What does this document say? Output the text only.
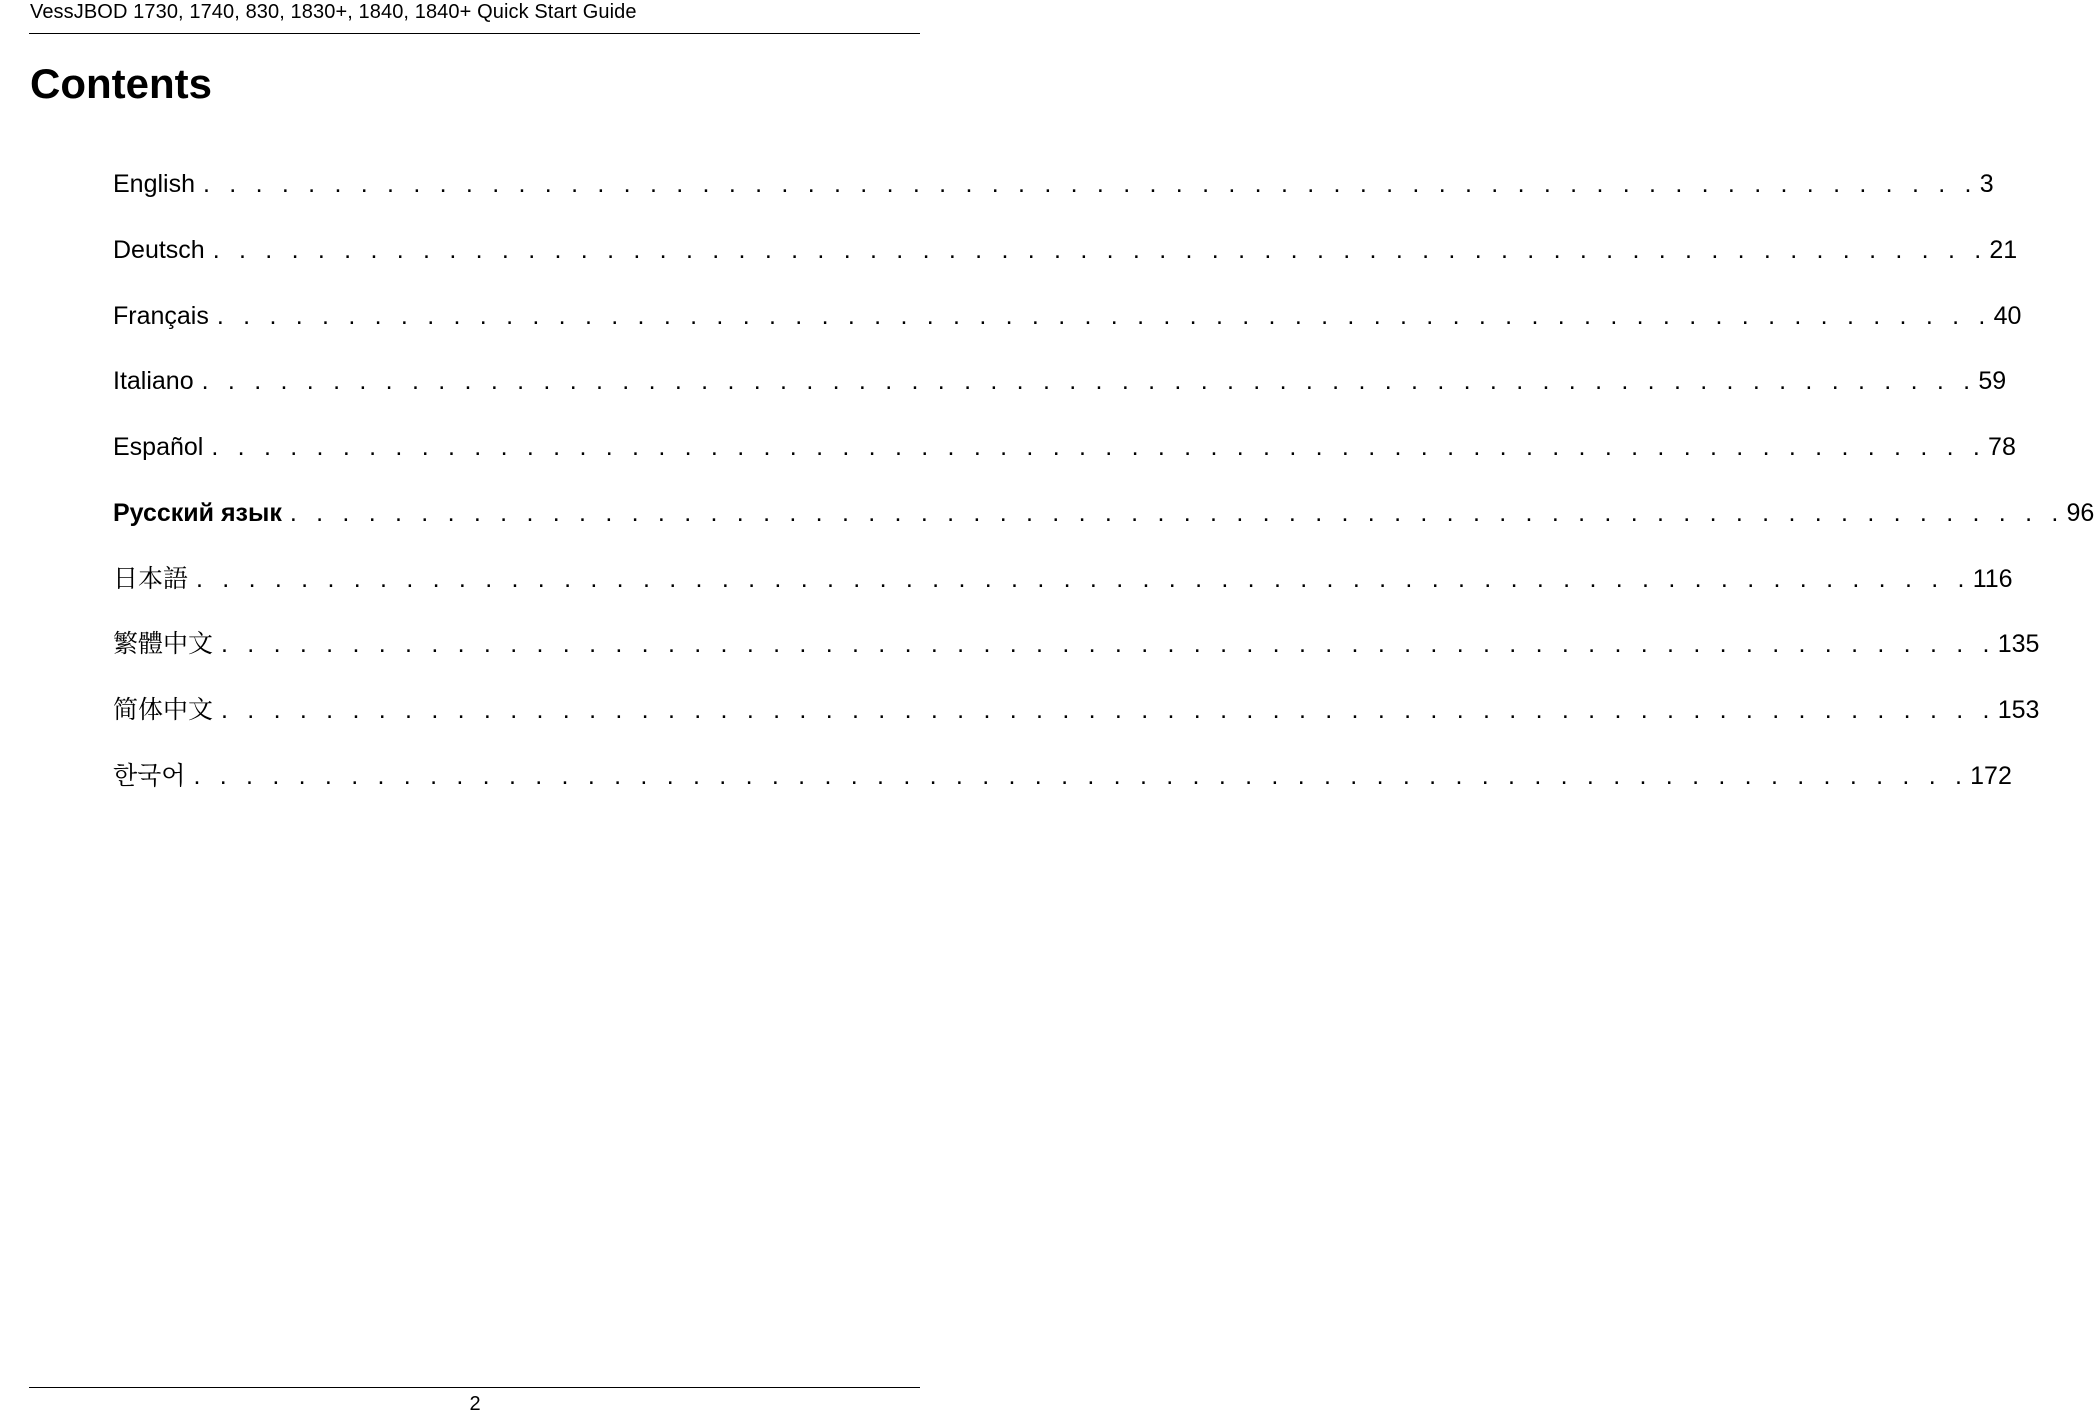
VessJBOD 1730, 1740, 830, 1830+, 1840, 1840+ Quick Start Guide
Contents
English . . . . . . . . . . . . . . . . . . . . . . . . . . . . . . . . . . . . . . . . . . . . . . . . . . . . . . . . . . . . . . . . . . . . 3
Deutsch . . . . . . . . . . . . . . . . . . . . . . . . . . . . . . . . . . . . . . . . . . . . . . . . . . . . . . . . . . . . . . . . . . . . 21
Français . . . . . . . . . . . . . . . . . . . . . . . . . . . . . . . . . . . . . . . . . . . . . . . . . . . . . . . . . . . . . . . . . . . . 40
Italiano . . . . . . . . . . . . . . . . . . . . . . . . . . . . . . . . . . . . . . . . . . . . . . . . . . . . . . . . . . . . . . . . . . . . 59
Español . . . . . . . . . . . . . . . . . . . . . . . . . . . . . . . . . . . . . . . . . . . . . . . . . . . . . . . . . . . . . . . . . . . . 78
Русский язык . . . . . . . . . . . . . . . . . . . . . . . . . . . . . . . . . . . . . . . . . . . . . . . . . . . . . . . . . . . . . . . . . . . . 96
日本語 . . . . . . . . . . . . . . . . . . . . . . . . . . . . . . . . . . . . . . . . . . . . . . . . . . . . . . . . . . . . . . . . . . . . 116
繁體中文 . . . . . . . . . . . . . . . . . . . . . . . . . . . . . . . . . . . . . . . . . . . . . . . . . . . . . . . . . . . . . . . . . . . . 135
简体中文 . . . . . . . . . . . . . . . . . . . . . . . . . . . . . . . . . . . . . . . . . . . . . . . . . . . . . . . . . . . . . . . . . . . . 153
한국어 . . . . . . . . . . . . . . . . . . . . . . . . . . . . . . . . . . . . . . . . . . . . . . . . . . . . . . . . . . . . . . . . . . . . 172
2
